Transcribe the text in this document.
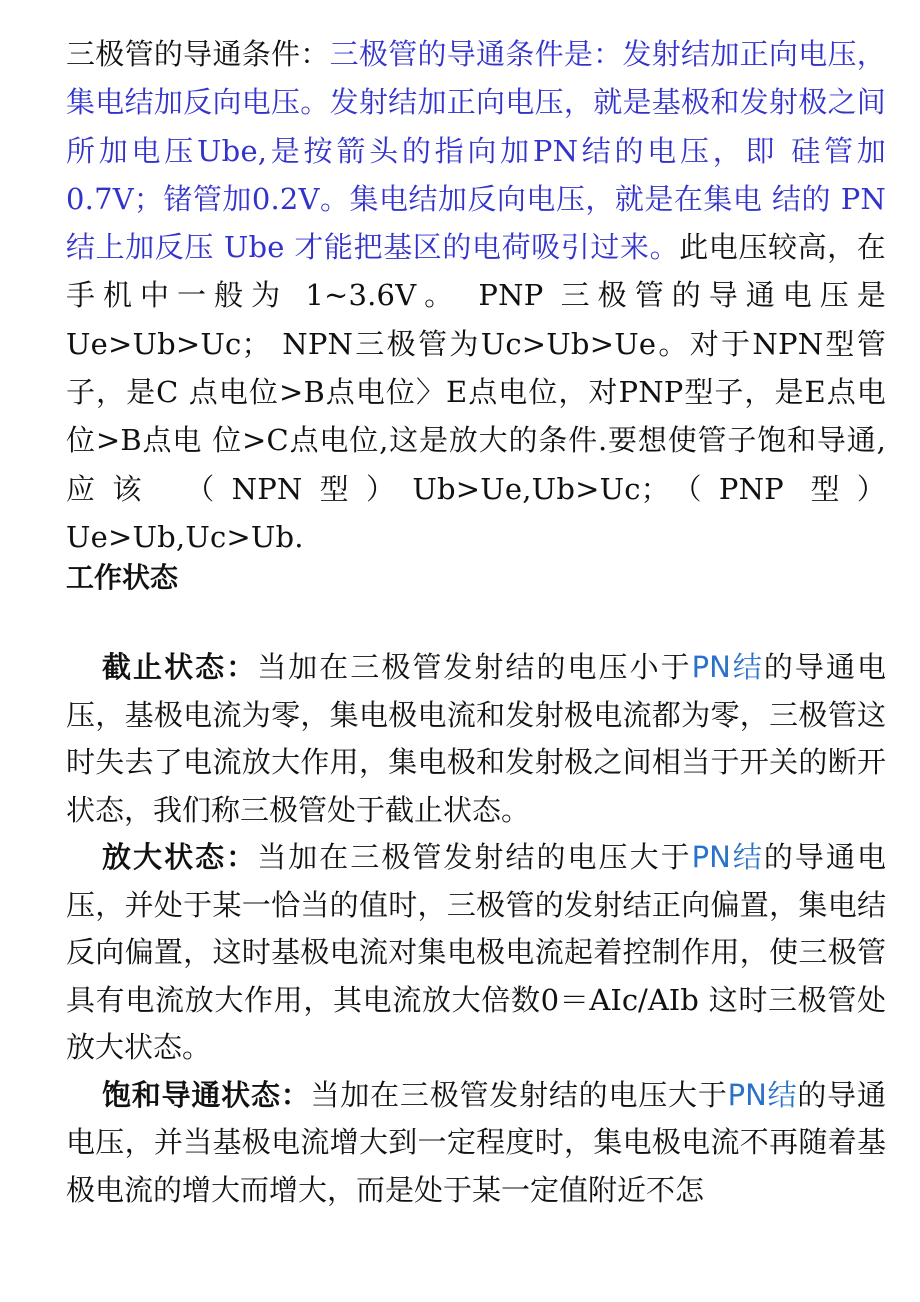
三极管的导通条件：三极管的导通条件是：发射结加正向电压，集电结加反向电压。发射结加正向电压，就是基极和发射极之间所加电压Ube,是按箭头的指向加PN结的电压，即 硅管加0.7V；锗管加0.2V。集电结加反向电压，就是在集电 结的 PN 结上加反压 Ube 才能把基区的电荷吸引过来。此电压较高，在手机中一般为 1~3.6V。 PNP 三极管的导通电压是Ue>Ub>Uc； NPN三极管为Uc>Ub>Ue。对于NPN型管子，是C 点电位>B点电位〉E点电位，对PNP型子，是E点电位>B点电 位>C点电位,这是放大的条件.要想使管子饱和导通,应该 （NPN型）Ub>Ue,Ub>Uc；（PNP 型）Ue>Ub,Uc>Ub.

工作状态

截止状态：当加在三极管发射结的电压小于PN结的导通电压，基极电流为零，集电极电流和发射极电流都为零，三极管这时失去了电流放大作用，集电极和发射极之间相当于开关的断开状态，我们称三极管处于截止状态。

放大状态：当加在三极管发射结的电压大于PN结的导通电压，并处于某一恰当的值时，三极管的发射结正向偏置，集电结反向偏置，这时基极电流对集电极电流起着控制作用，使三极管具有电流放大作用，其电流放大倍数0＝AIc/AIb 这时三极管处放大状态。

饱和导通状态：当加在三极管发射结的电压大于PN结的导通电压，并当基极电流增大到一定程度时，集电极电流不再随着基极电流的增大而增大，而是处于某一定值附近不怎
